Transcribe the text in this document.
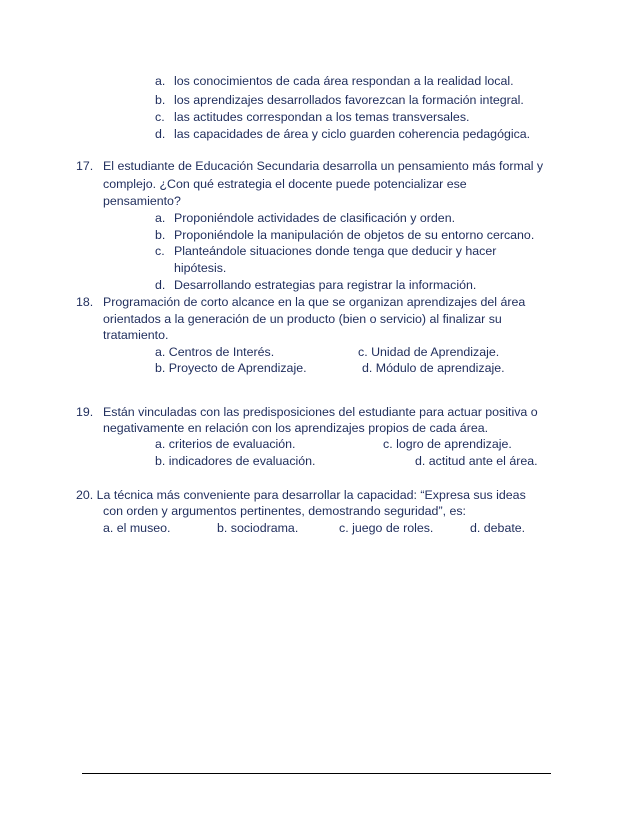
a. los conocimientos de cada área respondan a la realidad local.
b. los aprendizajes desarrollados favorezcan la formación integral.
c. las actitudes correspondan a los temas transversales.
d. las capacidades de área y ciclo guarden coherencia pedagógica.
17. El estudiante de Educación Secundaria desarrolla un pensamiento más formal y
complejo. ¿Con qué estrategia el docente puede potencializar ese
pensamiento?
a. Proponiéndole actividades de clasificación y orden.
b. Proponiéndole la manipulación de objetos de su entorno cercano.
c. Planteándole situaciones donde tenga que deducir y hacer
hipótesis.
d. Desarrollando estrategias para registrar la información.
18. Programación de corto alcance en la que se organizan aprendizajes del área
orientados a la generación de un producto (bien o servicio) al finalizar su
tratamiento.
a. Centros de Interés.	c. Unidad de Aprendizaje.
b. Proyecto de Aprendizaje.	d. Módulo de aprendizaje.
19. Están vinculadas con las predisposiciones del estudiante para actuar positiva o
negativamente en relación con los aprendizajes propios de cada área.
a. criterios de evaluación.	c. logro de aprendizaje.
b. indicadores de evaluación.	d. actitud ante el área.
20. La técnica más conveniente para desarrollar la capacidad: “Expresa sus ideas
con orden y argumentos pertinentes, demostrando seguridad”, es:
a. el museo.	b. sociodrama.	c. juego de roles.	d. debate.
